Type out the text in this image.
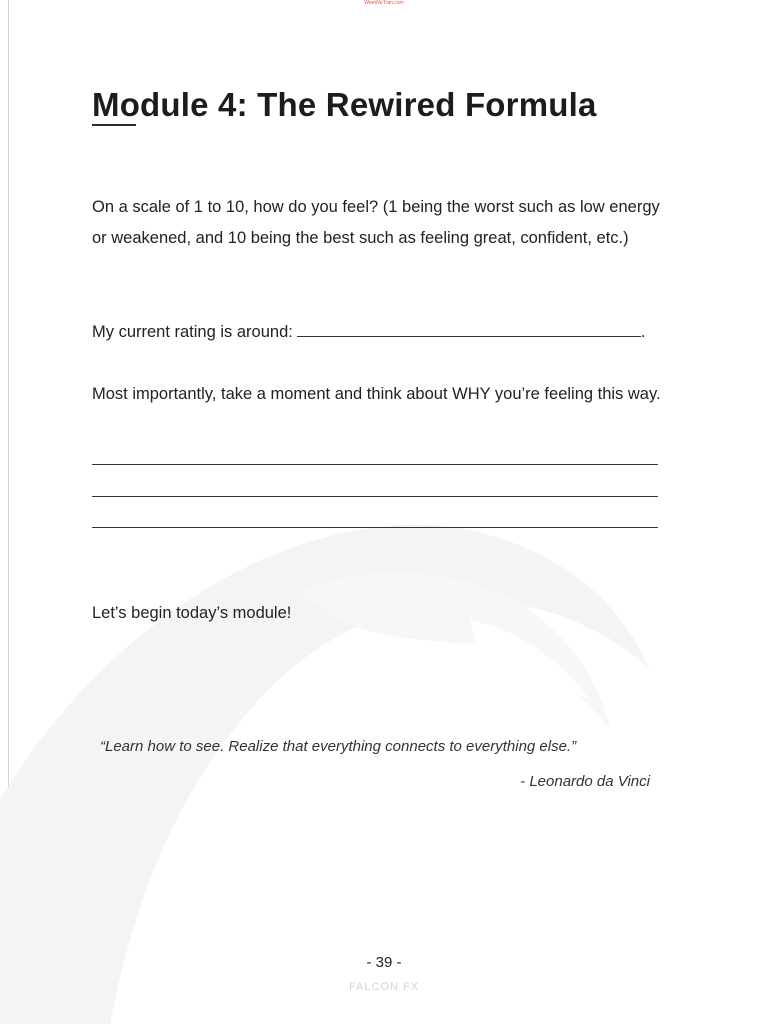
WeetiVeTran.com
Module 4: The Rewired Formula

On a scale of 1 to 10, how do you feel? (1 being the worst such as low energy or weakened, and 10 being the best such as feeling great, confident, etc.)

My current rating is around:	.

Most importantly, take a moment and think about WHY you’re feeling this way.

Let’s begin today’s module!

“Learn how to see. Realize that everything connects to everything else.”

- Leonardo da Vinci

- 39 -
FALCON FX
